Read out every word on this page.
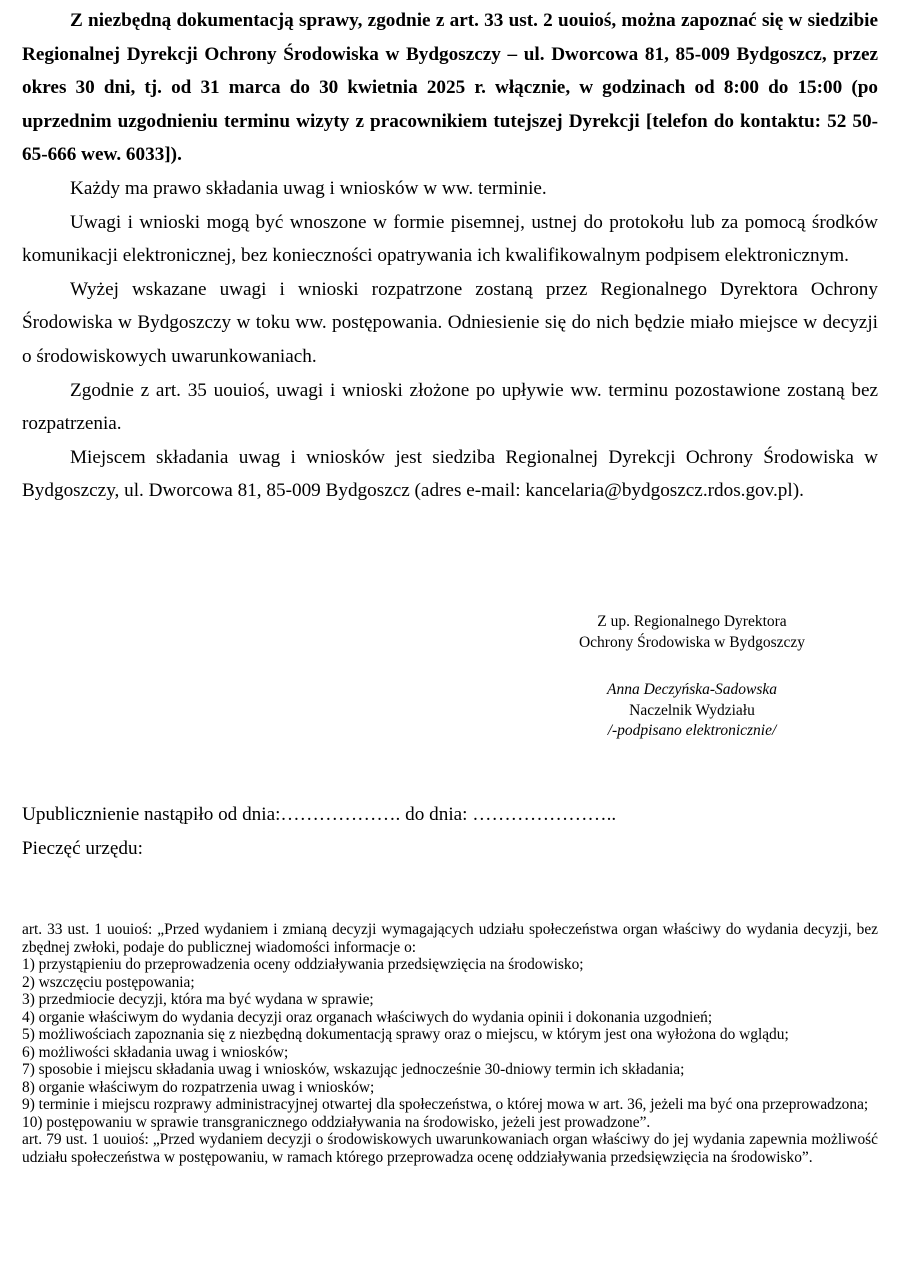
Z niezbędną dokumentacją sprawy, zgodnie z art. 33 ust. 2 uouioś, można zapoznać się w siedzibie Regionalnej Dyrekcji Ochrony Środowiska w Bydgoszczy – ul. Dworcowa 81, 85-009 Bydgoszcz, przez okres 30 dni, tj. od 31 marca do 30 kwietnia 2025 r. włącznie, w godzinach od 8:00 do 15:00 (po uprzednim uzgodnieniu terminu wizyty z pracownikiem tutejszej Dyrekcji [telefon do kontaktu: 52 50-65-666 wew. 6033]).

Każdy ma prawo składania uwag i wniosków w ww. terminie.

Uwagi i wnioski mogą być wnoszone w formie pisemnej, ustnej do protokołu lub za pomocą środków komunikacji elektronicznej, bez konieczności opatrywania ich kwalifikowalnym podpisem elektronicznym.

Wyżej wskazane uwagi i wnioski rozpatrzone zostaną przez Regionalnego Dyrektora Ochrony Środowiska w Bydgoszczy w toku ww. postępowania. Odniesienie się do nich będzie miało miejsce w decyzji o środowiskowych uwarunkowaniach.

Zgodnie z art. 35 uouioś, uwagi i wnioski złożone po upływie ww. terminu pozostawione zostaną bez rozpatrzenia.

Miejscem składania uwag i wniosków jest siedziba Regionalnej Dyrekcji Ochrony Środowiska w Bydgoszczy, ul. Dworcowa 81, 85-009 Bydgoszcz (adres e-mail: kancelaria@bydgoszcz.rdos.gov.pl).

Z up. Regionalnego Dyrektora
Ochrony Środowiska w Bydgoszczy
Anna Deczyńska-Sadowska
Naczelnik Wydziału
/-podpisano elektronicznie/
Upublicznienie nastąpiło od dnia:………………. do dnia: …………………..
Pieczęć urzędu:
art. 33 ust. 1 uouioś: „Przed wydaniem i zmianą decyzji wymagających udziału społeczeństwa organ właściwy do wydania decyzji, bez zbędnej zwłoki, podaje do publicznej wiadomości informacje o:
1) przystąpieniu do przeprowadzenia oceny oddziaływania przedsięwzięcia na środowisko;
2) wszczęciu postępowania;
3) przedmiocie decyzji, która ma być wydana w sprawie;
4) organie właściwym do wydania decyzji oraz organach właściwych do wydania opinii i dokonania uzgodnień;
5) możliwościach zapoznania się z niezbędną dokumentacją sprawy oraz o miejscu, w którym jest ona wyłożona do wglądu;
6) możliwości składania uwag i wniosków;
7) sposobie i miejscu składania uwag i wniosków, wskazując jednocześnie 30-dniowy termin ich składania;
8) organie właściwym do rozpatrzenia uwag i wniosków;
9) terminie i miejscu rozprawy administracyjnej otwartej dla społeczeństwa, o której mowa w art. 36, jeżeli ma być ona przeprowadzona;
10) postępowaniu w sprawie transgranicznego oddziaływania na środowisko, jeżeli jest prowadzone”.
art. 79 ust. 1 uouioś: „Przed wydaniem decyzji o środowiskowych uwarunkowaniach organ właściwy do jej wydania zapewnia możliwość udziału społeczeństwa w postępowaniu, w ramach którego przeprowadza ocenę oddziaływania przedsięwzięcia na środowisko”.
